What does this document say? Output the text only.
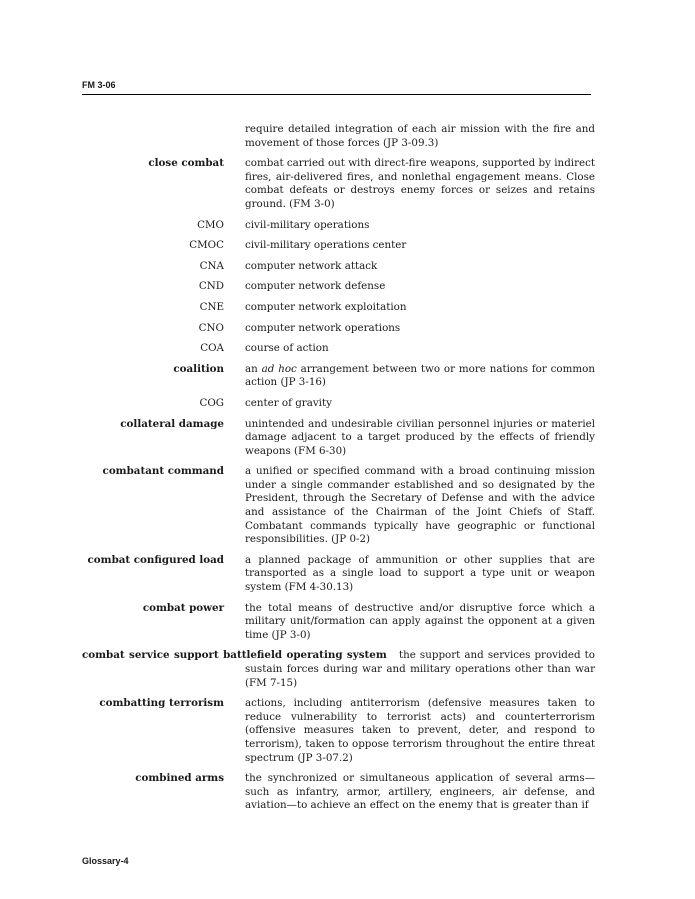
FM 3-06
require detailed integration of each air mission with the fire and movement of those forces (JP 3-09.3)
close combat combat carried out with direct-fire weapons, supported by indirect fires, air-delivered fires, and nonlethal engagement means. Close combat defeats or destroys enemy forces or seizes and retains ground. (FM 3-0)
CMO civil-military operations
CMOC civil-military operations center
CNA computer network attack
CND computer network defense
CNE computer network exploitation
CNO computer network operations
COA course of action
coalition an ad hoc arrangement between two or more nations for common action (JP 3-16)
COG center of gravity
collateral damage unintended and undesirable civilian personnel injuries or materiel damage adjacent to a target produced by the effects of friendly weapons (FM 6-30)
combatant command a unified or specified command with a broad continuing mission under a single commander established and so designated by the President, through the Secretary of Defense and with the advice and assistance of the Chairman of the Joint Chiefs of Staff. Combatant commands typically have geographic or functional responsibilities. (JP 0-2)
combat configured load a planned package of ammunition or other supplies that are transported as a single load to support a type unit or weapon system (FM 4-30.13)
combat power the total means of destructive and/or disruptive force which a military unit/formation can apply against the opponent at a given time (JP 3-0)
combat service support battlefield operating system the support and services provided to sustain forces during war and military operations other than war (FM 7-15)
combatting terrorism actions, including antiterrorism (defensive measures taken to reduce vulnerability to terrorist acts) and counterterrorism (offensive measures taken to prevent, deter, and respond to terrorism), taken to oppose terrorism throughout the entire threat spectrum (JP 3-07.2)
combined arms the synchronized or simultaneous application of several arms—such as infantry, armor, artillery, engineers, air defense, and aviation—to achieve an effect on the enemy that is greater than if
Glossary-4
